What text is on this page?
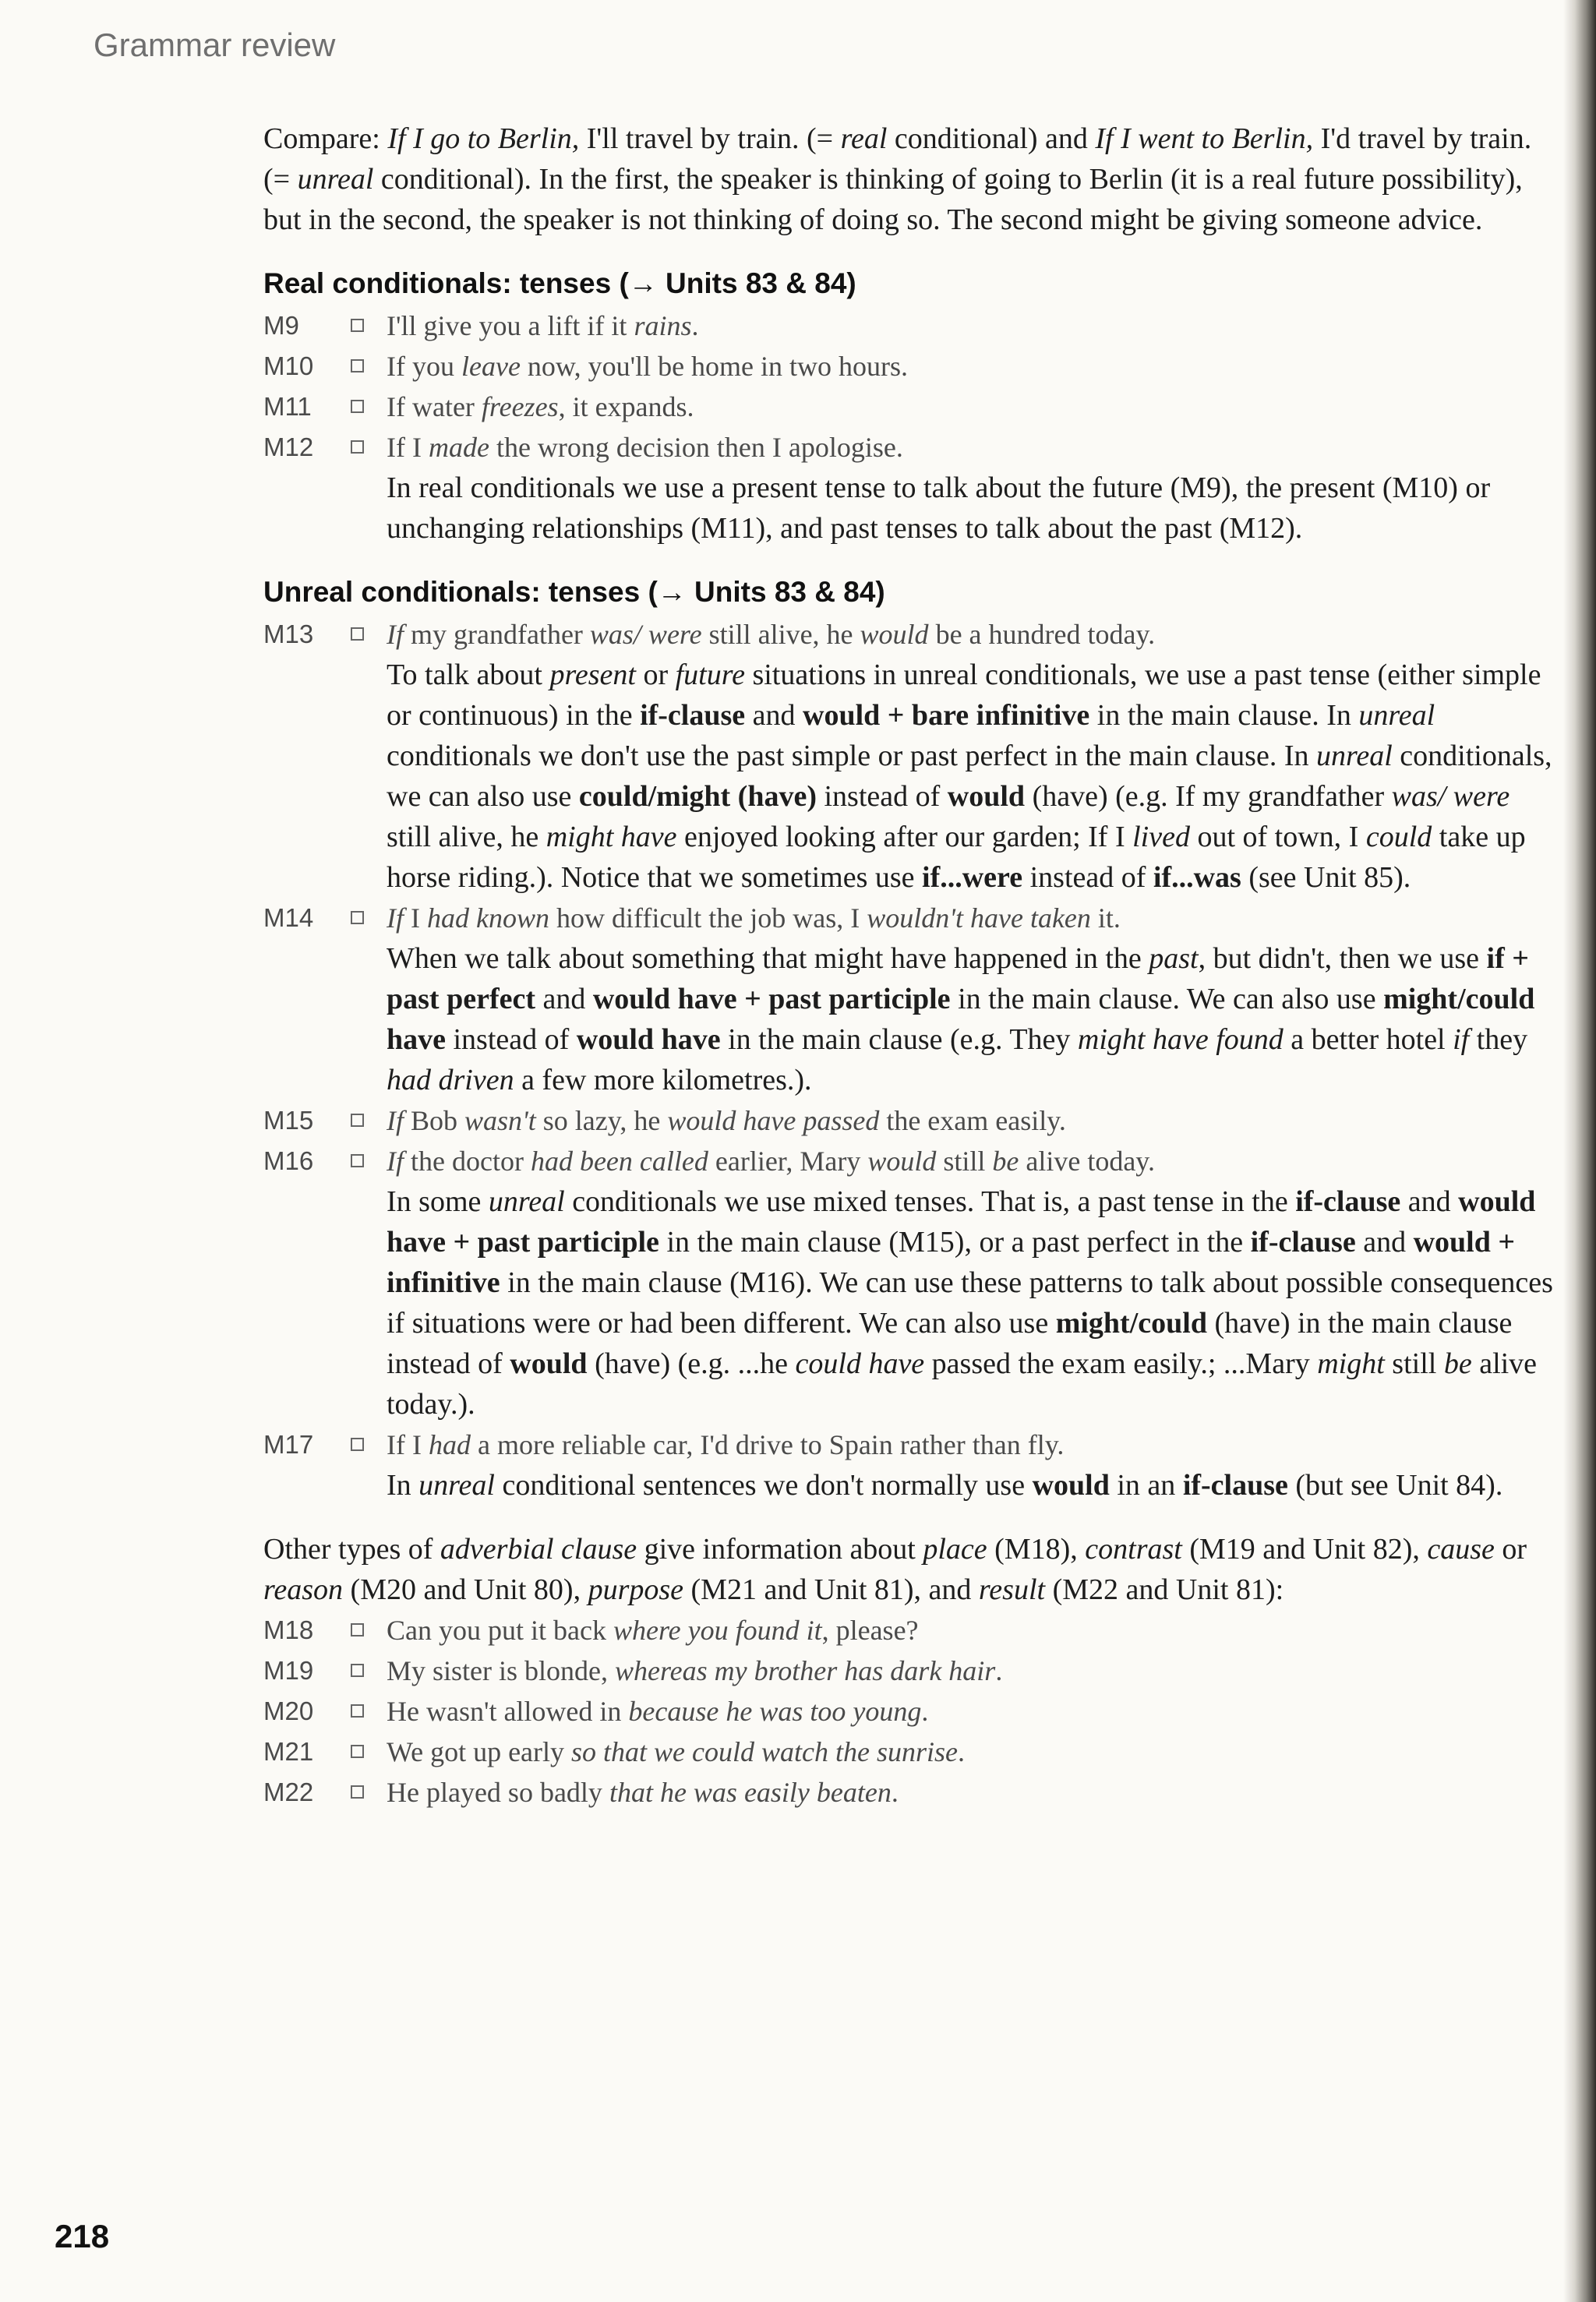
Grammar review

Compare: If I go to Berlin, I'll travel by train. (= real conditional) and If I went to Berlin, I'd travel by train. (= unreal conditional). In the first, the speaker is thinking of going to Berlin (it is a real future possibility), but in the second, the speaker is not thinking of doing so. The second might be giving someone advice.

Real conditionals: tenses (→ Units 83 & 84)
M9	I'll give you a lift if it rains.
M10	If you leave now, you'll be home in two hours.
M11	If water freezes, it expands.
M12	If I made the wrong decision then I apologise.

In real conditionals we use a present tense to talk about the future (M9), the present (M10) or unchanging relationships (M11), and past tenses to talk about the past (M12).

Unreal conditionals: tenses (→ Units 83 & 84)
M13	If my grandfather was/ were still alive, he would be a hundred today.

To talk about present or future situations in unreal conditionals, we use a past tense (either simple or continuous) in the if-clause and would + bare infinitive in the main clause. In unreal conditionals we don't use the past simple or past perfect in the main clause. In unreal conditionals, we can also use could/might (have) instead of would (have) (e.g. If my grandfather was/ were still alive, he might have enjoyed looking after our garden; If I lived out of town, I could take up horse riding.). Notice that we sometimes use if...were instead of if...was (see Unit 85).

M14	If I had known how difficult the job was, I wouldn't have taken it.

When we talk about something that might have happened in the past, but didn't, then we use if + past perfect and would have + past participle in the main clause. We can also use might/could have instead of would have in the main clause (e.g. They might have found a better hotel if they had driven a few more kilometres.).

M15	If Bob wasn't so lazy, he would have passed the exam easily.
M16	If the doctor had been called earlier, Mary would still be alive today.

In some unreal conditionals we use mixed tenses. That is, a past tense in the if-clause and would have + past participle in the main clause (M15), or a past perfect in the if-clause and would + infinitive in the main clause (M16). We can use these patterns to talk about possible consequences if situations were or had been different. We can also use might/could (have) in the main clause instead of would (have) (e.g. ...he could have passed the exam easily.; ...Mary might still be alive today.).

M17	If I had a more reliable car, I'd drive to Spain rather than fly.

In unreal conditional sentences we don't normally use would in an if-clause (but see Unit 84).

Other types of adverbial clause give information about place (M18), contrast (M19 and Unit 82), cause or reason (M20 and Unit 80), purpose (M21 and Unit 81), and result (M22 and Unit 81):

M18	Can you put it back where you found it, please?
M19	My sister is blonde, whereas my brother has dark hair.
M20	He wasn't allowed in because he was too young.
M21	We got up early so that we could watch the sunrise.
M22	He played so badly that he was easily beaten.
218
